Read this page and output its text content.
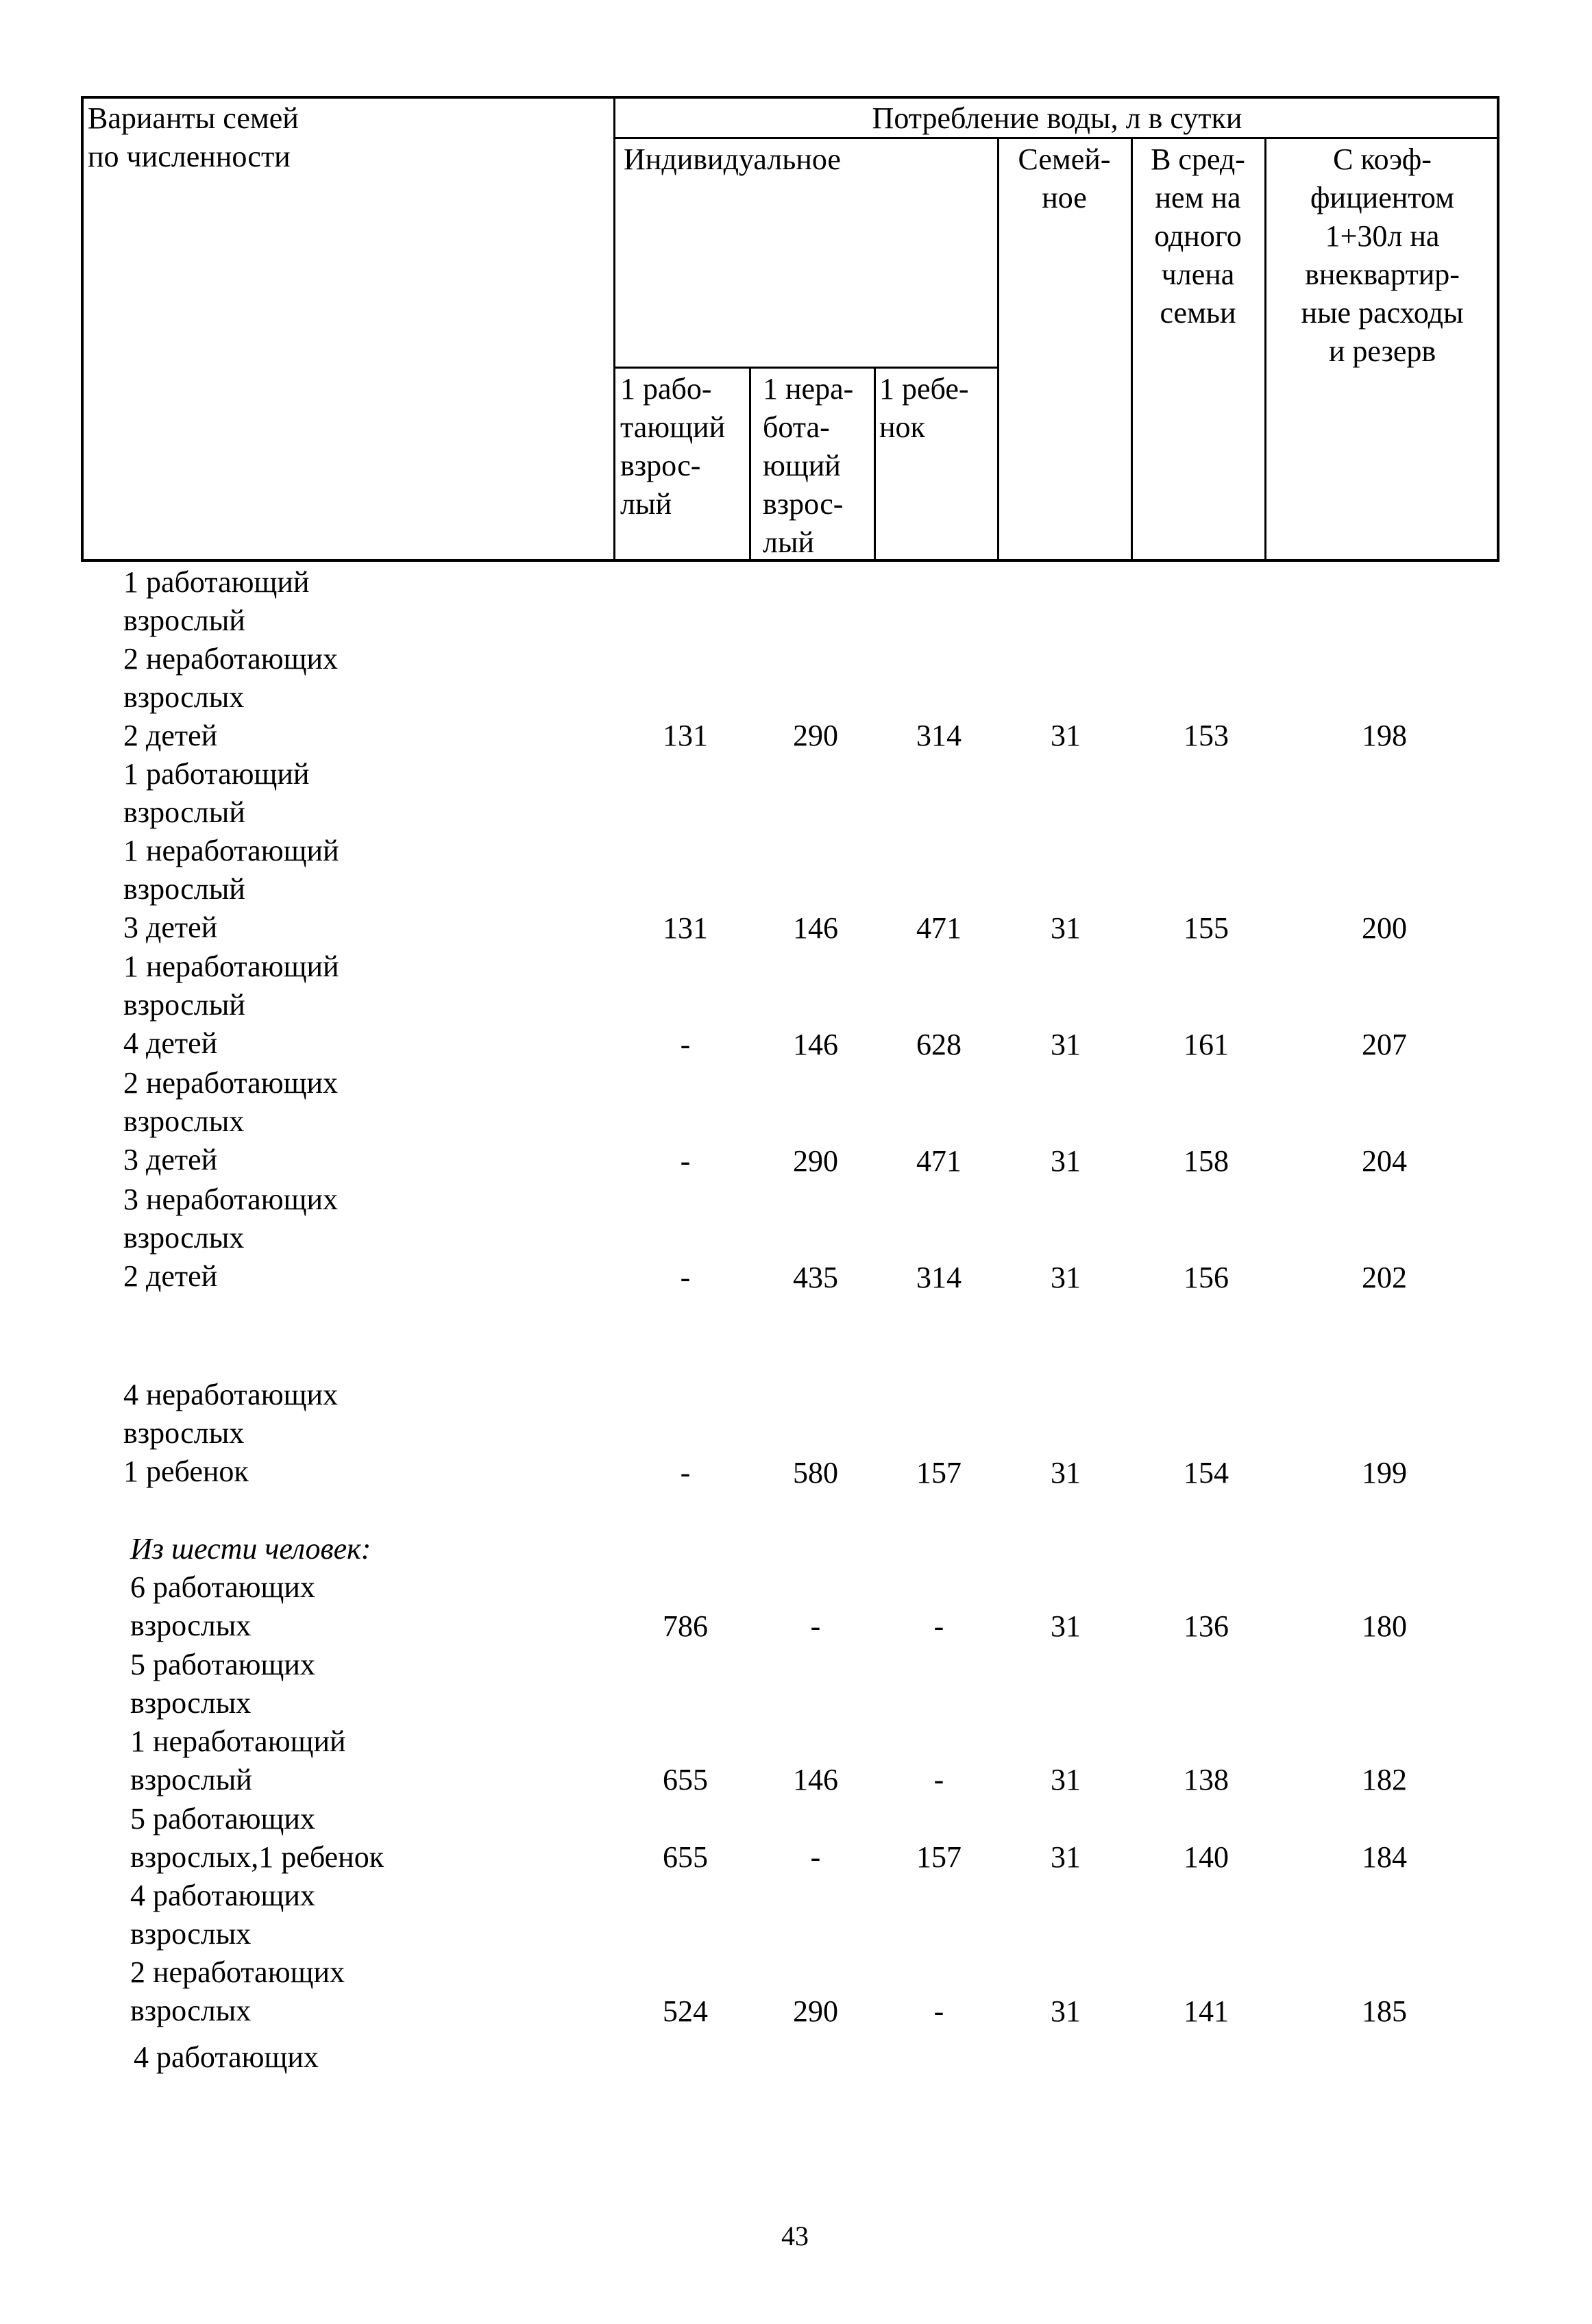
Варианты семей
по численности
Потребление воды, л в сутки
Индивидуальное
1 рабо-
тающий
взрос-
лый
1 нера-
бота-
ющий
взрос-
лый
1 ребе-
нок
Семей-
ное
В сред-
нем на
одного
члена
семьи
С коэф-
фициентом
1+30л на
внеквартир-
ные расходы
и резерв
1 работающий
взрослый
2 неработающих
взрослых
2 детей	131	290	314	31	153	198
1 работающий
взрослый
1 неработающий
взрослый
3 детей	131	146	471	31	155	200
1 неработающий
взрослый
4 детей	-	146	628	31	161	207
2 неработающих
взрослых
3 детей	-	290	471	31	158	204
3 неработающих
взрослых
2 детей	-	435	314	31	156	202
4 неработающих
взрослых
1 ребенок	-	580	157	31	154	199
Из шести человек:
6 работающих
взрослых	786	-	-	31	136	180
5 работающих
взрослых
1 неработающий
взрослый	655	146	-	31	138	182
5 работающих
взрослых,1 ребенок	655	-	157	31	140	184
4 работающих
взрослых
2 неработающих
взрослых	524	290	-	31	141	185
4 работающих
43
